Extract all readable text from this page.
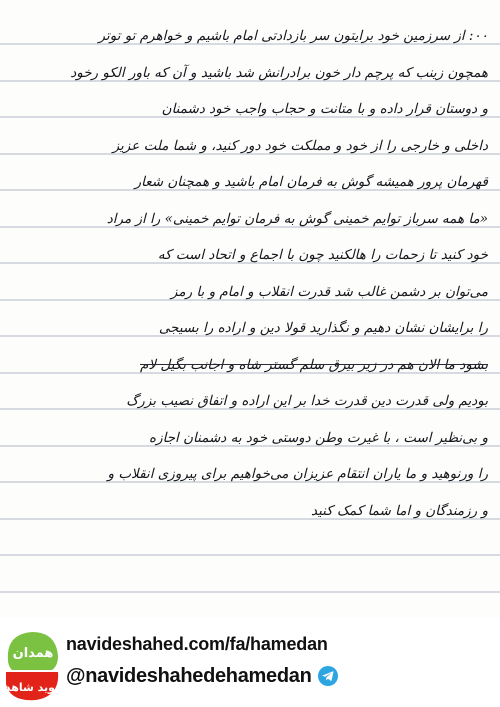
۰۰: از سرزمین خود برایتون سر بازدادتی امام باشیم و خواهرم تو توتر
همچون زینب که پرچم دار خون برادرانش شد باشید و آن که باور الکو رخود
و دوستان قرار داده و با متانت و حجاب واجب خود دشمنان
داخلی و خارجی را از خود و مملکت خود دور کنید، و شما ملت عزیز
قهرمان پرور همیشه گوش به فرمان امام باشید و همچنان شعار
«ما همه سرباز توایم خمینی گوش به فرمان توایم خمینی» را از مراد
خود کنید تا زحمات را هالکنید چون با اجماع و اتحاد است که
می‌توان بر دشمن غالب شد قدرت انقلاب و امام و با رمز
را برایشان نشان دهیم و نگذارید قولا دین و اراده را بسیجی
بشود ما الان هم در زیر بیرق سلم گستر شاه و اجانب بگیل لام
بودیم ولی قدرت دین قدرت خدا بر این اراده و اتفاق نصیب بزرگ
و بی‌نظیر است ، با غیرت وطن دوستی خود به دشمنان اجازه
را ورنوهید و ما یاران انتقام عزیزان می‌خواهیم برای پیروزی انقلاب و
و رزمندگان و اما شما کمک کنید
همدان
نوید شاهد
navideshahed.com/fa/hamedan
@navideshahedehamedan
